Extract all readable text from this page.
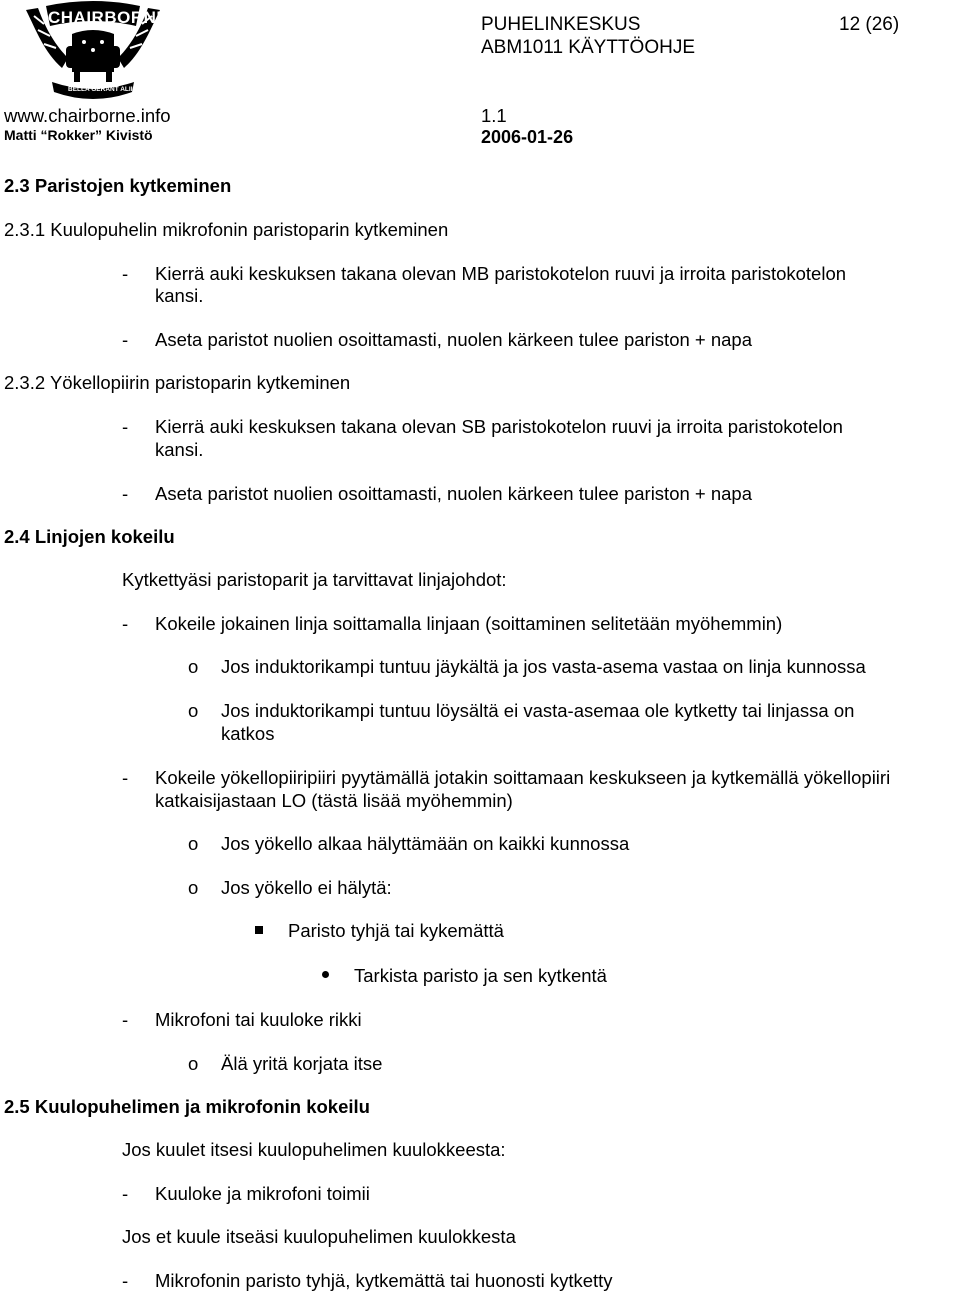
CHAIRBORNE
BELLA GERANT ALII
www.chairborne.info
Matti “Rokker” Kivistö
PUHELINKESKUS	12 (26)
ABM1011 KÄYTTÖOHJE
1.1
2006-01-26
2.3 Paristojen kytkeminen
2.3.1 Kuulopuhelin mikrofonin paristoparin kytkeminen
- Kierrä auki keskuksen takana olevan MB paristokotelon ruuvi ja irroita paristokotelon
kansi.
- Aseta paristot nuolien osoittamasti, nuolen kärkeen tulee pariston + napa
2.3.2 Yökellopiirin paristoparin kytkeminen
- Kierrä auki keskuksen takana olevan SB paristokotelon ruuvi ja irroita paristokotelon
kansi.
- Aseta paristot nuolien osoittamasti, nuolen kärkeen tulee pariston + napa
2.4 Linjojen kokeilu
Kytkettyäsi paristoparit ja tarvittavat linjajohdot:
- Kokeile jokainen linja soittamalla linjaan (soittaminen selitetään myöhemmin)
o Jos induktorikampi tuntuu jäykältä ja jos vasta-asema vastaa on linja kunnossa
o Jos induktorikampi tuntuu löysältä ei vasta-asemaa ole kytketty tai linjassa on
katkos
- Kokeile yökellopiiripiiri pyytämällä jotakin soittamaan keskukseen ja kytkemällä yökellopiiri
katkaisijastaan LO (tästä lisää myöhemmin)
o Jos yökello alkaa hälyttämään on kaikki kunnossa
o Jos yökello ei hälytä:
Paristo tyhjä tai kykemättä
Tarkista paristo ja sen kytkentä
- Mikrofoni tai kuuloke rikki
o Älä yritä korjata itse
2.5 Kuulopuhelimen ja mikrofonin kokeilu
Jos kuulet itsesi kuulopuhelimen kuulokkeesta:
- Kuuloke ja mikrofoni toimii
Jos et kuule itseäsi kuulopuhelimen kuulokkesta
- Mikrofonin paristo tyhjä, kytkemättä tai huonosti kytketty
